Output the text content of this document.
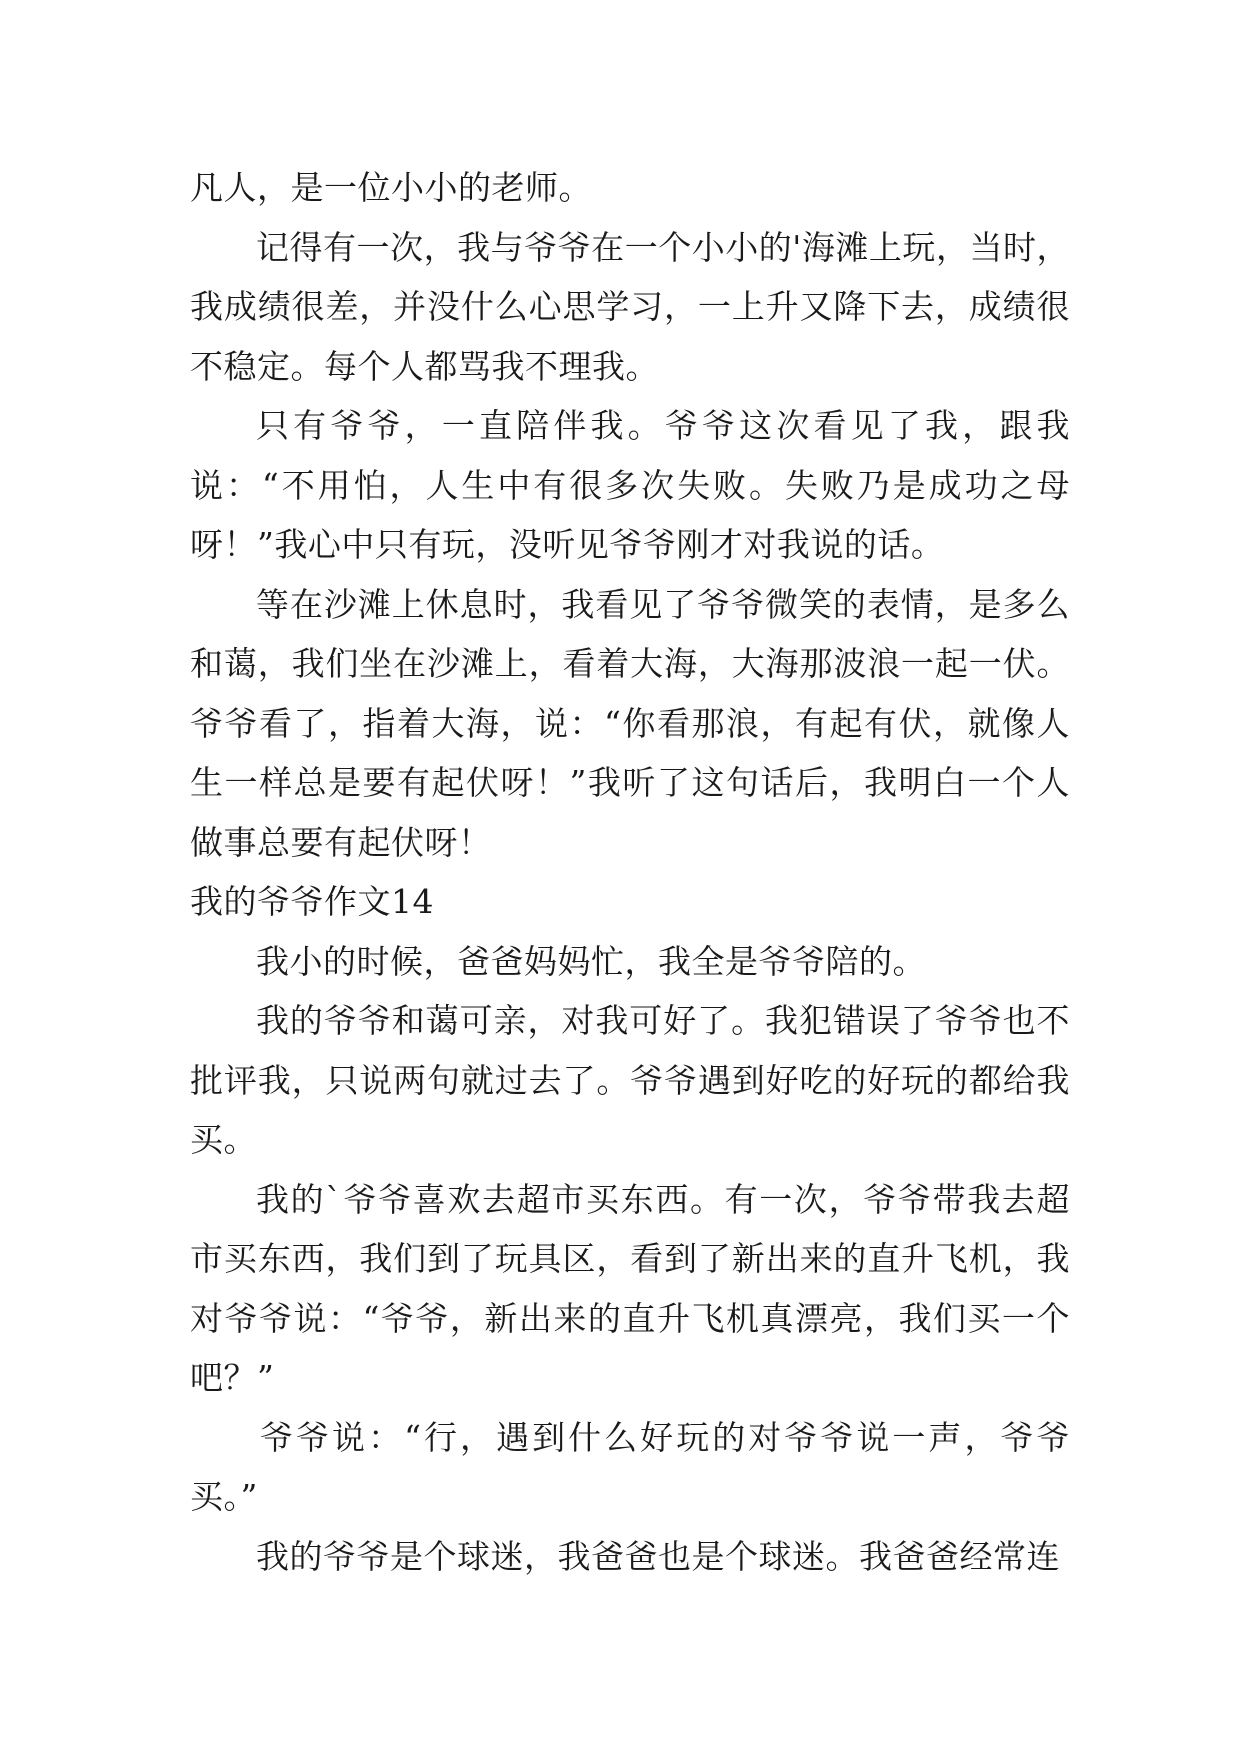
凡人，是一位小小的老师。

记得有一次，我与爷爷在一个小小的'海滩上玩，当时，我成绩很差，并没什么心思学习，一上升又降下去，成绩很不稳定。每个人都骂我不理我。

只有爷爷，一直陪伴我。爷爷这次看见了我，跟我说：“不用怕，人生中有很多次失败。失败乃是成功之母呀！”我心中只有玩，没听见爷爷刚才对我说的话。

等在沙滩上休息时，我看见了爷爷微笑的表情，是多么和蔼，我们坐在沙滩上，看着大海，大海那波浪一起一伏。爷爷看了，指着大海，说：“你看那浪，有起有伏，就像人生一样总是要有起伏呀！”我听了这句话后，我明白一个人做事总要有起伏呀！

我的爷爷作文14

我小的时候，爸爸妈妈忙，我全是爷爷陪的。

我的爷爷和蔼可亲，对我可好了。我犯错误了爷爷也不批评我，只说两句就过去了。爷爷遇到好吃的好玩的都给我买。

我的`爷爷喜欢去超市买东西。有一次，爷爷带我去超市买东西，我们到了玩具区，看到了新出来的直升飞机，我对爷爷说：“爷爷，新出来的直升飞机真漂亮，我们买一个吧？”

爷爷说：“行，遇到什么好玩的对爷爷说一声，爷爷买。”

我的爷爷是个球迷，我爸爸也是个球迷。我爸爸经常连
